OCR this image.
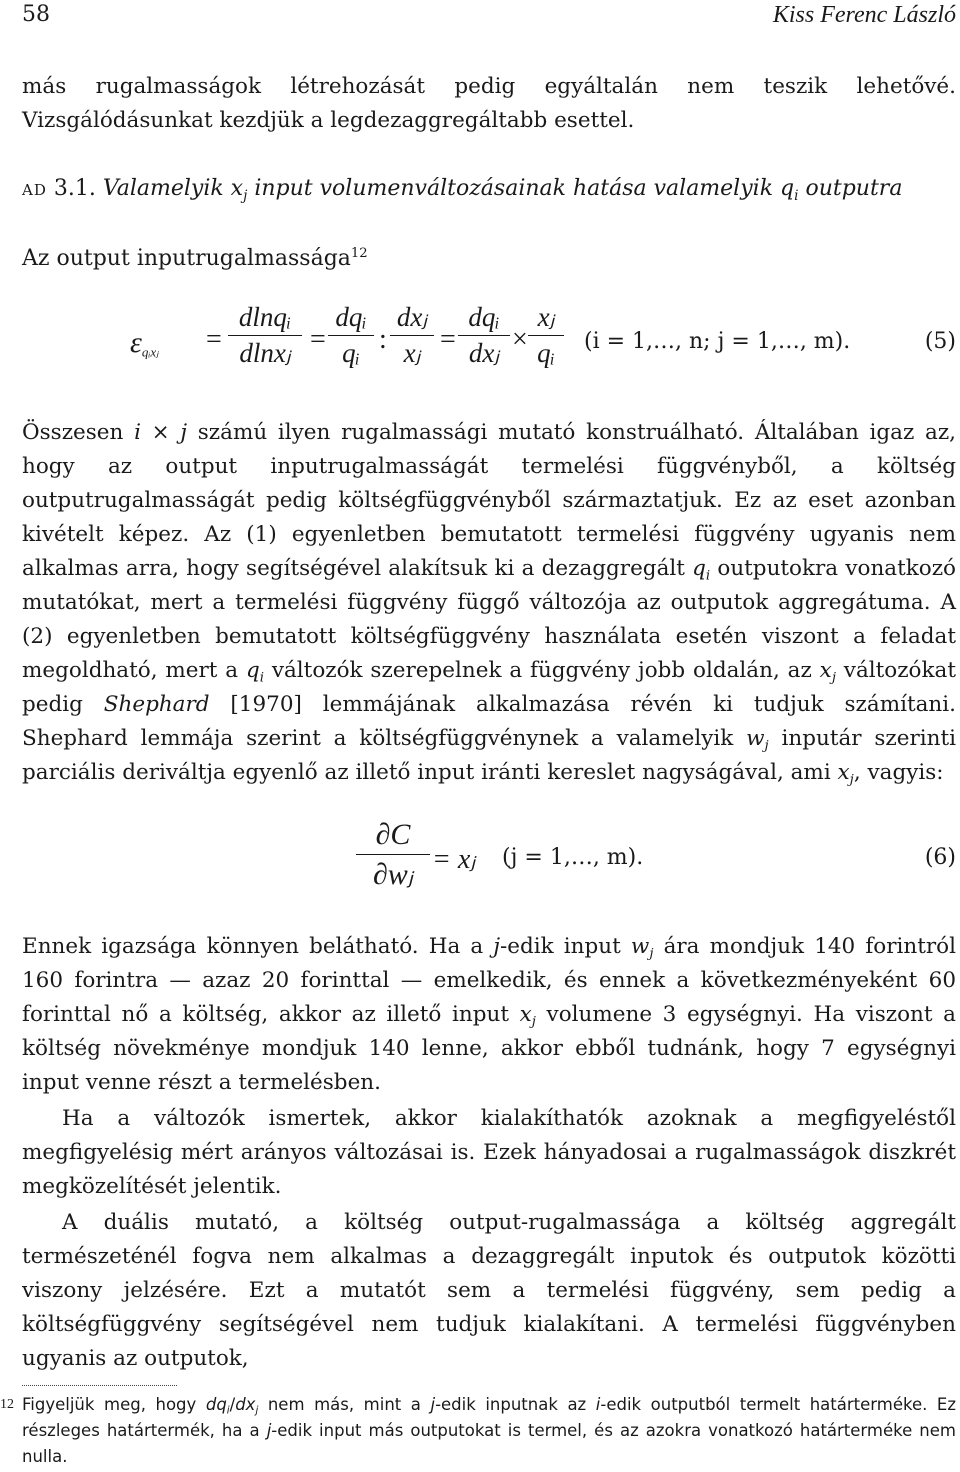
58	Kiss Ferenc László
más rugalmasságok létrehozását pedig egyáltalán nem teszik lehetővé. Vizsgálódásunkat kezdjük a legdezaggregáltabb esettel.
ad 3.1. Valamelyik $x_j$ input volumenváltozásainak hatása valamelyik $q_i$ outputra
Az output inputrugalmassága$^{12}$
$\varepsilon_{qᵢxⱼ}$ =
dlnqᵢ
dlnxⱼ =
dqᵢ
qᵢ :
dxⱼ
xⱼ =
dqᵢ
dxⱼ ×
xⱼ
qᵢ	(i = 1,…, n; j = 1,…, m).	(5)
Összesen i × j számú ilyen rugalmassági mutató konstruálható. Általában igaz az, hogy az output inputrugalmasságát termelési függvényből, a költség outputrugalmasságát pedig költségfüggvényből származtatjuk. Ez az eset azonban kivételt képez. Az (1) egyenletben bemutatott termelési függvény ugyanis nem alkalmas arra, hogy segítségével alakítsuk ki a dezaggregált $q_i$ outputokra vonatkozó mutatókat, mert a termelési függvény függő változója az outputok aggregátuma. A (2) egyenletben bemutatott költségfüggvény használata esetén viszont a feladat megoldható, mert a $q_i$ változók szerepelnek a függvény jobb oldalán, az $x_j$ változókat pedig Shephard [1970] lemmájának alkalmazása révén ki tudjuk számítani. Shephard lemmája szerint a költségfüggvénynek a valamelyik $w_j$ inputár szerinti parciális deriváltja egyenlő az illető input iránti kereslet nagyságával, ami $x_j$, vagyis:
∂C
∂wⱼ = xⱼ (j = 1,…, m).	(6)
Ennek igazsága könnyen belátható. Ha a j-edik input $w_j$ ára mondjuk 140 forintról 160 forintra — azaz 20 forinttal — emelkedik, és ennek a következményeként 60 forinttal nő a költség, akkor az illető input $x_j$ volumene 3 egységnyi. Ha viszont a költség növekménye mondjuk 140 lenne, akkor ebből tudnánk, hogy 7 egységnyi input venne részt a termelésben.
Ha a változók ismertek, akkor kialakíthatók azoknak a megfigyeléstől megfigyelésig mért arányos változásai is. Ezek hányadosai a rugalmasságok diszkrét megközelítését jelentik.
A duális mutató, a költség output-rugalmassága a költség aggregált természeténél fogva nem alkalmas a dezaggregált inputok és outputok közötti viszony jelzésére. Ezt a mutatót sem a termelési függvény, sem pedig a költségfüggvény segítségével nem tudjuk kialakítani. A termelési függvényben ugyanis az outputok,
12 Figyeljük meg, hogy $dq_i/dx_j$ nem más, mint a j-edik inputnak az i-edik outputból termelt határterméke. Ez részleges határtermék, ha a j-edik input más outputokat is termel, és az azokra vonatkozó határterméke nem nulla.
